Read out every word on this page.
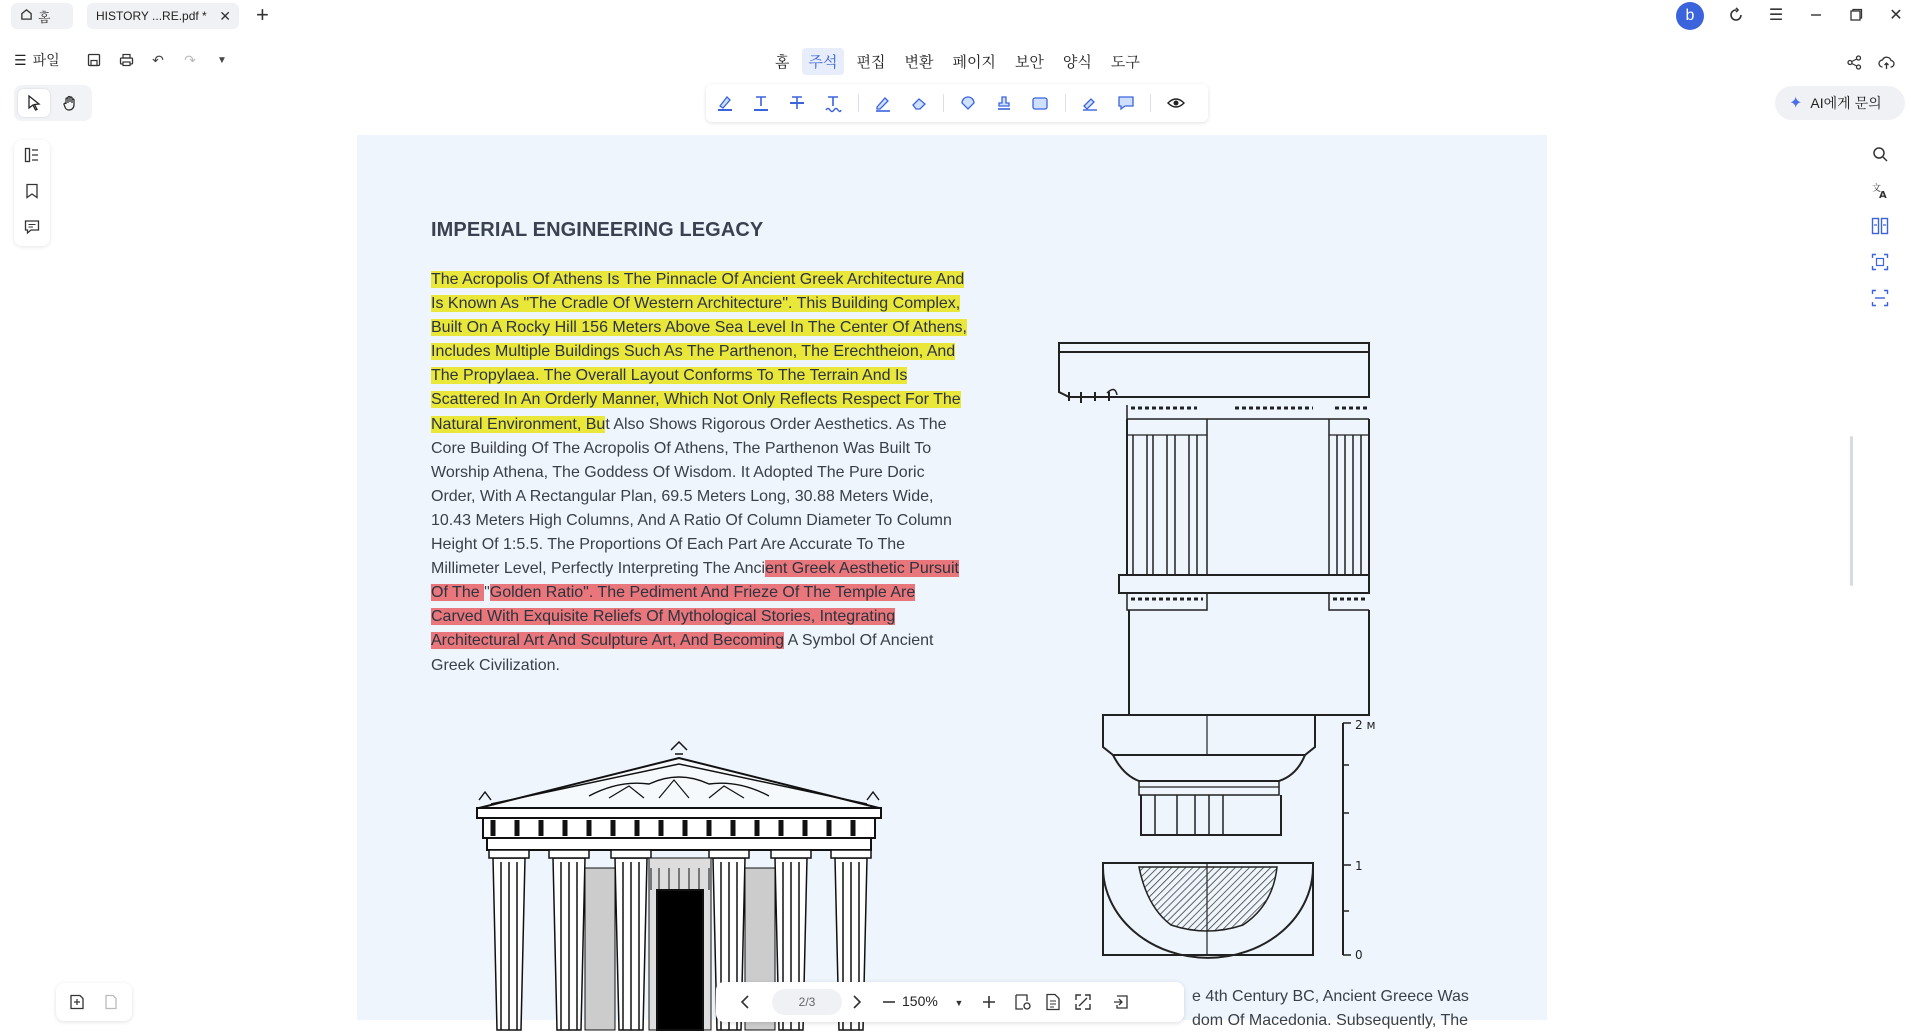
홈	HISTORY ...RE.pdf * ✕ +	b	☰	✕
☰ 파일	↶ ↷	▼	홈	주석	편집	변환	페이지	보안	양식	도구
✦ AI에게 문의
文
A
IMPERIAL ENGINEERING LEGACY
The Acropolis Of Athens Is The Pinnacle Of Ancient Greek Architecture And Is Known As "The Cradle Of Western Architecture". This Building Complex, Built On A Rocky Hill 156 Meters Above Sea Level In The Center Of Athens, Includes Multiple Buildings Such As The Parthenon, The Erechtheion, And The Propylaea. The Overall Layout Conforms To The Terrain And Is Scattered In An Orderly Manner, Which Not Only Reflects Respect For The Natural Environment, But Also Shows Rigorous Order Aesthetics. As The Core Building Of The Acropolis Of Athens, The Parthenon Was Built To Worship Athena, The Goddess Of Wisdom. It Adopted The Pure Doric Order, With A Rectangular Plan, 69.5 Meters Long, 30.88 Meters Wide, 10.43 Meters High Columns, And A Ratio Of Column Diameter To Column Height Of 1:5.5. The Proportions Of Each Part Are Accurate To The Millimeter Level, Perfectly Interpreting The Ancient Greek Aesthetic Pursuit Of The "Golden Ratio". The Pediment And Frieze Of The Temple Are Carved With Exquisite Reliefs Of Mythological Stories, Integrating Architectural Art And Sculpture Art, And Becoming A Symbol Of Ancient Greek Civilization.
2 м
1
0
e 4th Century BC, Ancient Greece Was
dom Of Macedonia. Subsequently, The
2/3	150%	▼
